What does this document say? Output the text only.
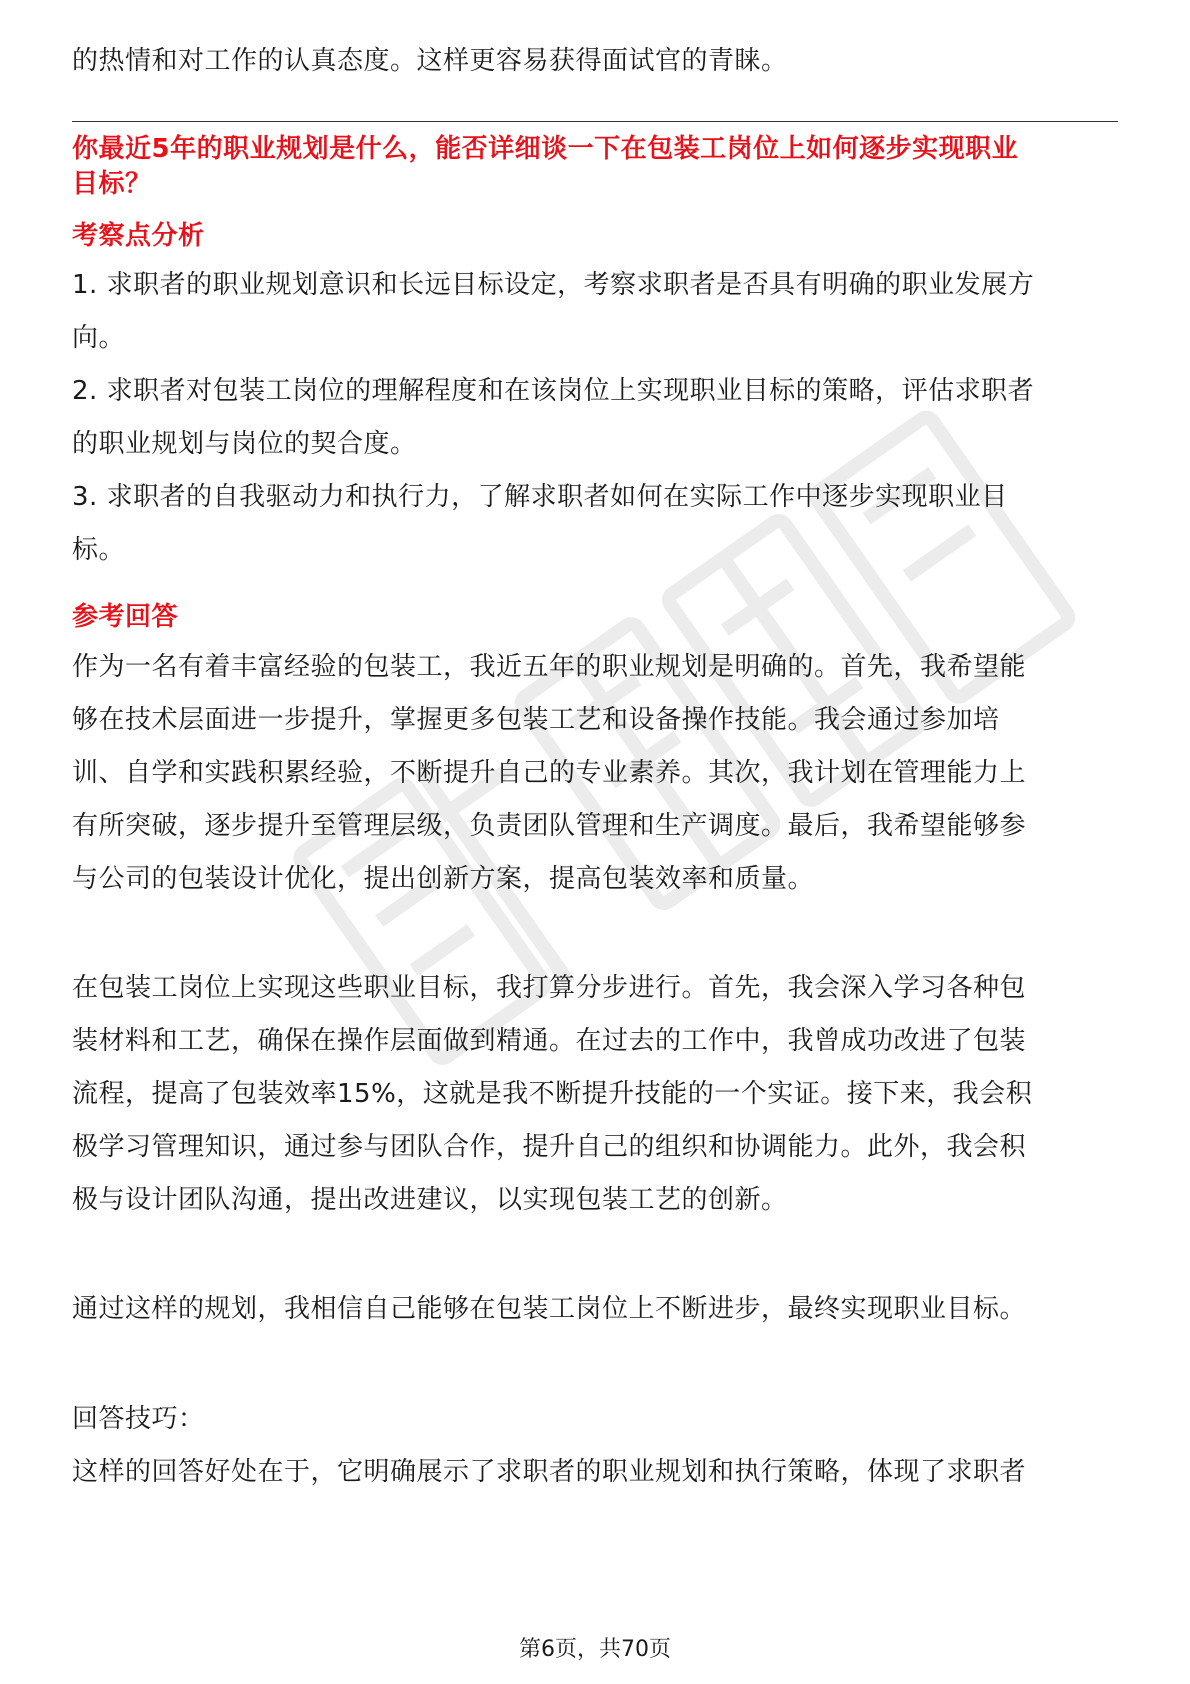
的热情和对工作的认真态度。这样更容易获得面试官的青睐。
你最近5年的职业规划是什么，能否详细谈一下在包装工岗位上如何逐步实现职业
目标？
考察点分析
1. 求职者的职业规划意识和长远目标设定，考察求职者是否具有明确的职业发展方
向。
2. 求职者对包装工岗位的理解程度和在该岗位上实现职业目标的策略，评估求职者
的职业规划与岗位的契合度。
3. 求职者的自我驱动力和执行力，了解求职者如何在实际工作中逐步实现职业目
标。
参考回答
作为一名有着丰富经验的包装工，我近五年的职业规划是明确的。首先，我希望能
够在技术层面进一步提升，掌握更多包装工艺和设备操作技能。我会通过参加培
训、自学和实践积累经验，不断提升自己的专业素养。其次，我计划在管理能力上
有所突破，逐步提升至管理层级，负责团队管理和生产调度。最后，我希望能够参
与公司的包装设计优化，提出创新方案，提高包装效率和质量。
在包装工岗位上实现这些职业目标，我打算分步进行。首先，我会深入学习各种包
装材料和工艺，确保在操作层面做到精通。在过去的工作中，我曾成功改进了包装
流程，提高了包装效率15%，这就是我不断提升技能的一个实证。接下来，我会积
极学习管理知识，通过参与团队合作，提升自己的组织和协调能力。此外，我会积
极与设计团队沟通，提出改进建议，以实现包装工艺的创新。
通过这样的规划，我相信自己能够在包装工岗位上不断进步，最终实现职业目标。
回答技巧：
这样的回答好处在于，它明确展示了求职者的职业规划和执行策略，体现了求职者
第6页，共70页
